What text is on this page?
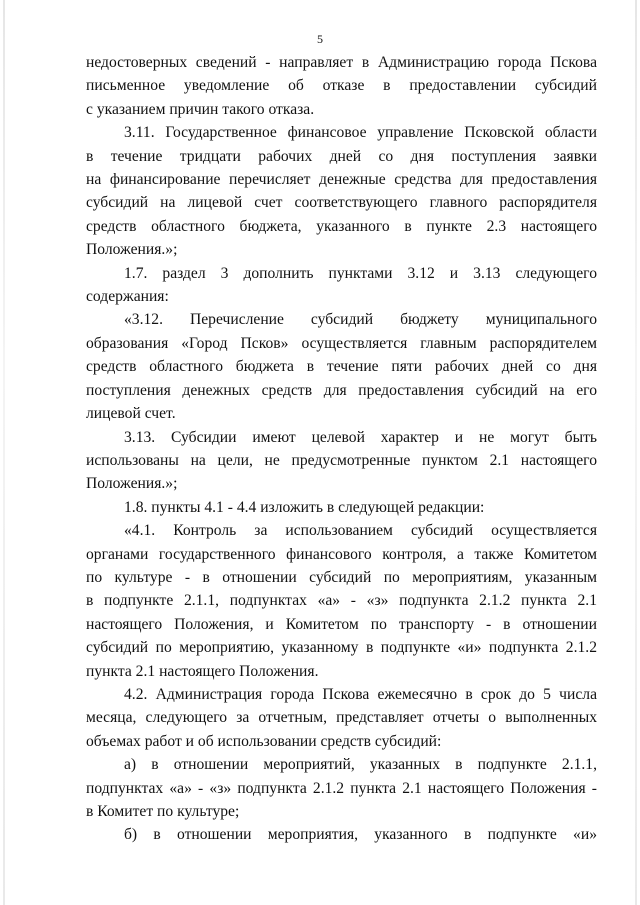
5
недостоверных сведений - направляет в Администрацию города Пскова
письменное уведомление об отказе в предоставлении субсидий
с указанием причин такого отказа.
3.11. Государственное финансовое управление Псковской области
в течение тридцати рабочих дней со дня поступления заявки
на финансирование перечисляет денежные средства для предоставления
субсидий на лицевой счет соответствующего главного распорядителя
средств областного бюджета, указанного в пункте 2.3 настоящего
Положения.»;
1.7. раздел 3 дополнить пунктами 3.12 и 3.13 следующего
содержания:
«3.12. Перечисление субсидий бюджету муниципального
образования «Город Псков» осуществляется главным распорядителем
средств областного бюджета в течение пяти рабочих дней со дня
поступления денежных средств для предоставления субсидий на его
лицевой счет.
3.13. Субсидии имеют целевой характер и не могут быть
использованы на цели, не предусмотренные пунктом 2.1 настоящего
Положения.»;
1.8. пункты 4.1 - 4.4 изложить в следующей редакции:
«4.1. Контроль за использованием субсидий осуществляется
органами государственного финансового контроля, а также Комитетом
по культуре - в отношении субсидий по мероприятиям, указанным
в подпункте 2.1.1, подпунктах «а» - «з» подпункта 2.1.2 пункта 2.1
настоящего Положения, и Комитетом по транспорту - в отношении
субсидий по мероприятию, указанному в подпункте «и» подпункта 2.1.2
пункта 2.1 настоящего Положения.
4.2. Администрация города Пскова ежемесячно в срок до 5 числа
месяца, следующего за отчетным, представляет отчеты о выполненных
объемах работ и об использовании средств субсидий:
а) в отношении мероприятий, указанных в подпункте 2.1.1,
подпунктах «а» - «з» подпункта 2.1.2 пункта 2.1 настоящего Положения -
в Комитет по культуре;
б) в отношении мероприятия, указанного в подпункте «и»
